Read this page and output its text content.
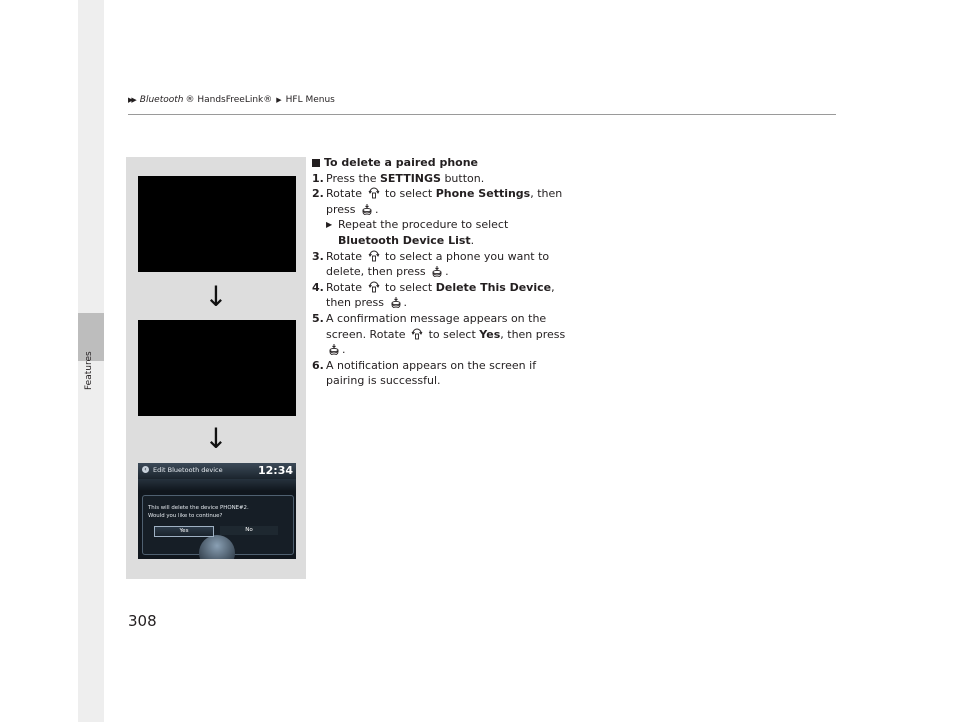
Features
▶▶ Bluetooth ® HandsFreeLink® ▶ HFL Menus
↓
↓
‹ Edit Bluetooth device	12:34
This will delete the device PHONE#2.
Would you like to continue?
Yes	No
To delete a paired phone
1. Press the SETTINGS button.
2. Rotate  to select Phone Settings, then press .
▶ Repeat the procedure to select Bluetooth Device List.
3. Rotate  to select a phone you want to delete, then press .
4. Rotate  to select Delete This Device, then press .
5. A confirmation message appears on the screen. Rotate  to select Yes, then press .
6. A notification appears on the screen if pairing is successful.
308
